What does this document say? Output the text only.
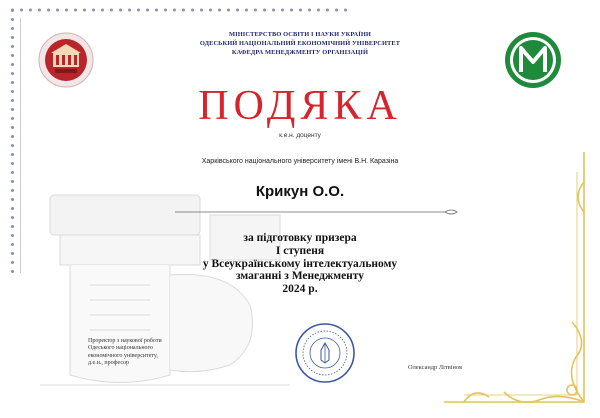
МІНІСТЕРСТВО ОСВІТИ І НАУКИ УКРАЇНИ
ОДЕСЬКИЙ НАЦІОНАЛЬНИЙ ЕКОНОМІЧНИЙ УНІВЕРСИТЕТ
КАФЕДРА МЕНЕДЖМЕНТУ ОРГАНІЗАЦІЙ
ПОДЯКА
к.е.н. доценту
Харківського національного університету імені В.Н. Каразіна
Крикун О.О.
за підготовку призера
І ступеня
у Всеукраїнському інтелектуальному
змаганні з Менеджменту
2024 р.
Проректор з наукової роботи
Одеського національного
економічного університету,
д.е.н., професор
Олександр Літвінов
